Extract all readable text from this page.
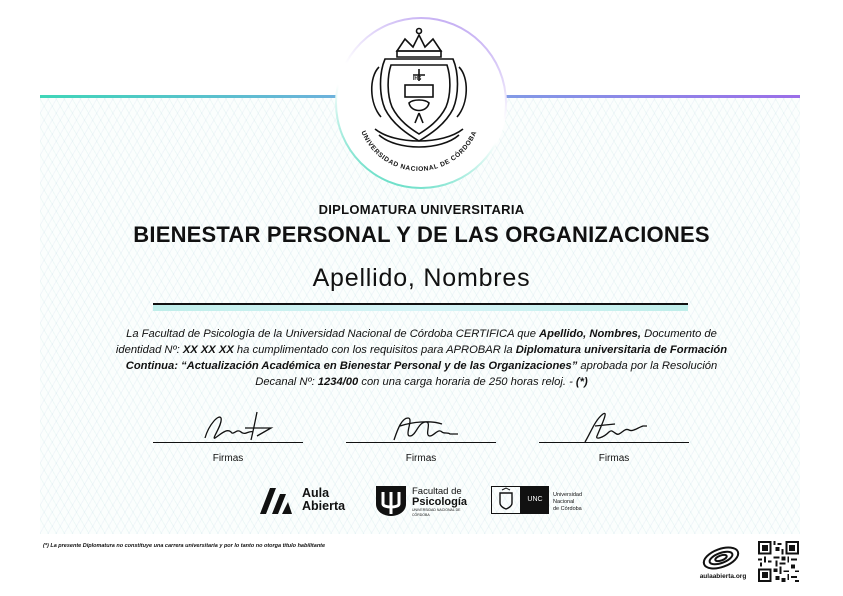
IHS
UNIVERSIDAD NACIONAL DE CÓRDOBA
DIPLOMATURA UNIVERSITARIA
BIENESTAR PERSONAL Y DE LAS ORGANIZACIONES
Apellido, Nombres
La Facultad de Psicología de la Universidad Nacional de Córdoba CERTIFICA que Apellido, Nombres, Documento de identidad Nº: XX XX XX ha cumplimentado con los requisitos para APROBAR la Diplomatura universitaria de Formación Continua: “Actualización Académica en Bienestar Personal y de las Organizaciones” aprobada por la Resolución Decanal Nº: 1234/00 con una carga horaria de 250 horas reloj. - (*)
Firmas	Firmas	Firmas
Aula
Abierta
Facultad de
Psicología
UNIVERSIDAD NACIONAL DE CÓRDOBA
UNC
Universidad
Nacional
de Córdoba
(*) La presente Diplomatura no constituye una carrera universitaria y por lo tanto no otorga título habilitante
aulaabierta.org
